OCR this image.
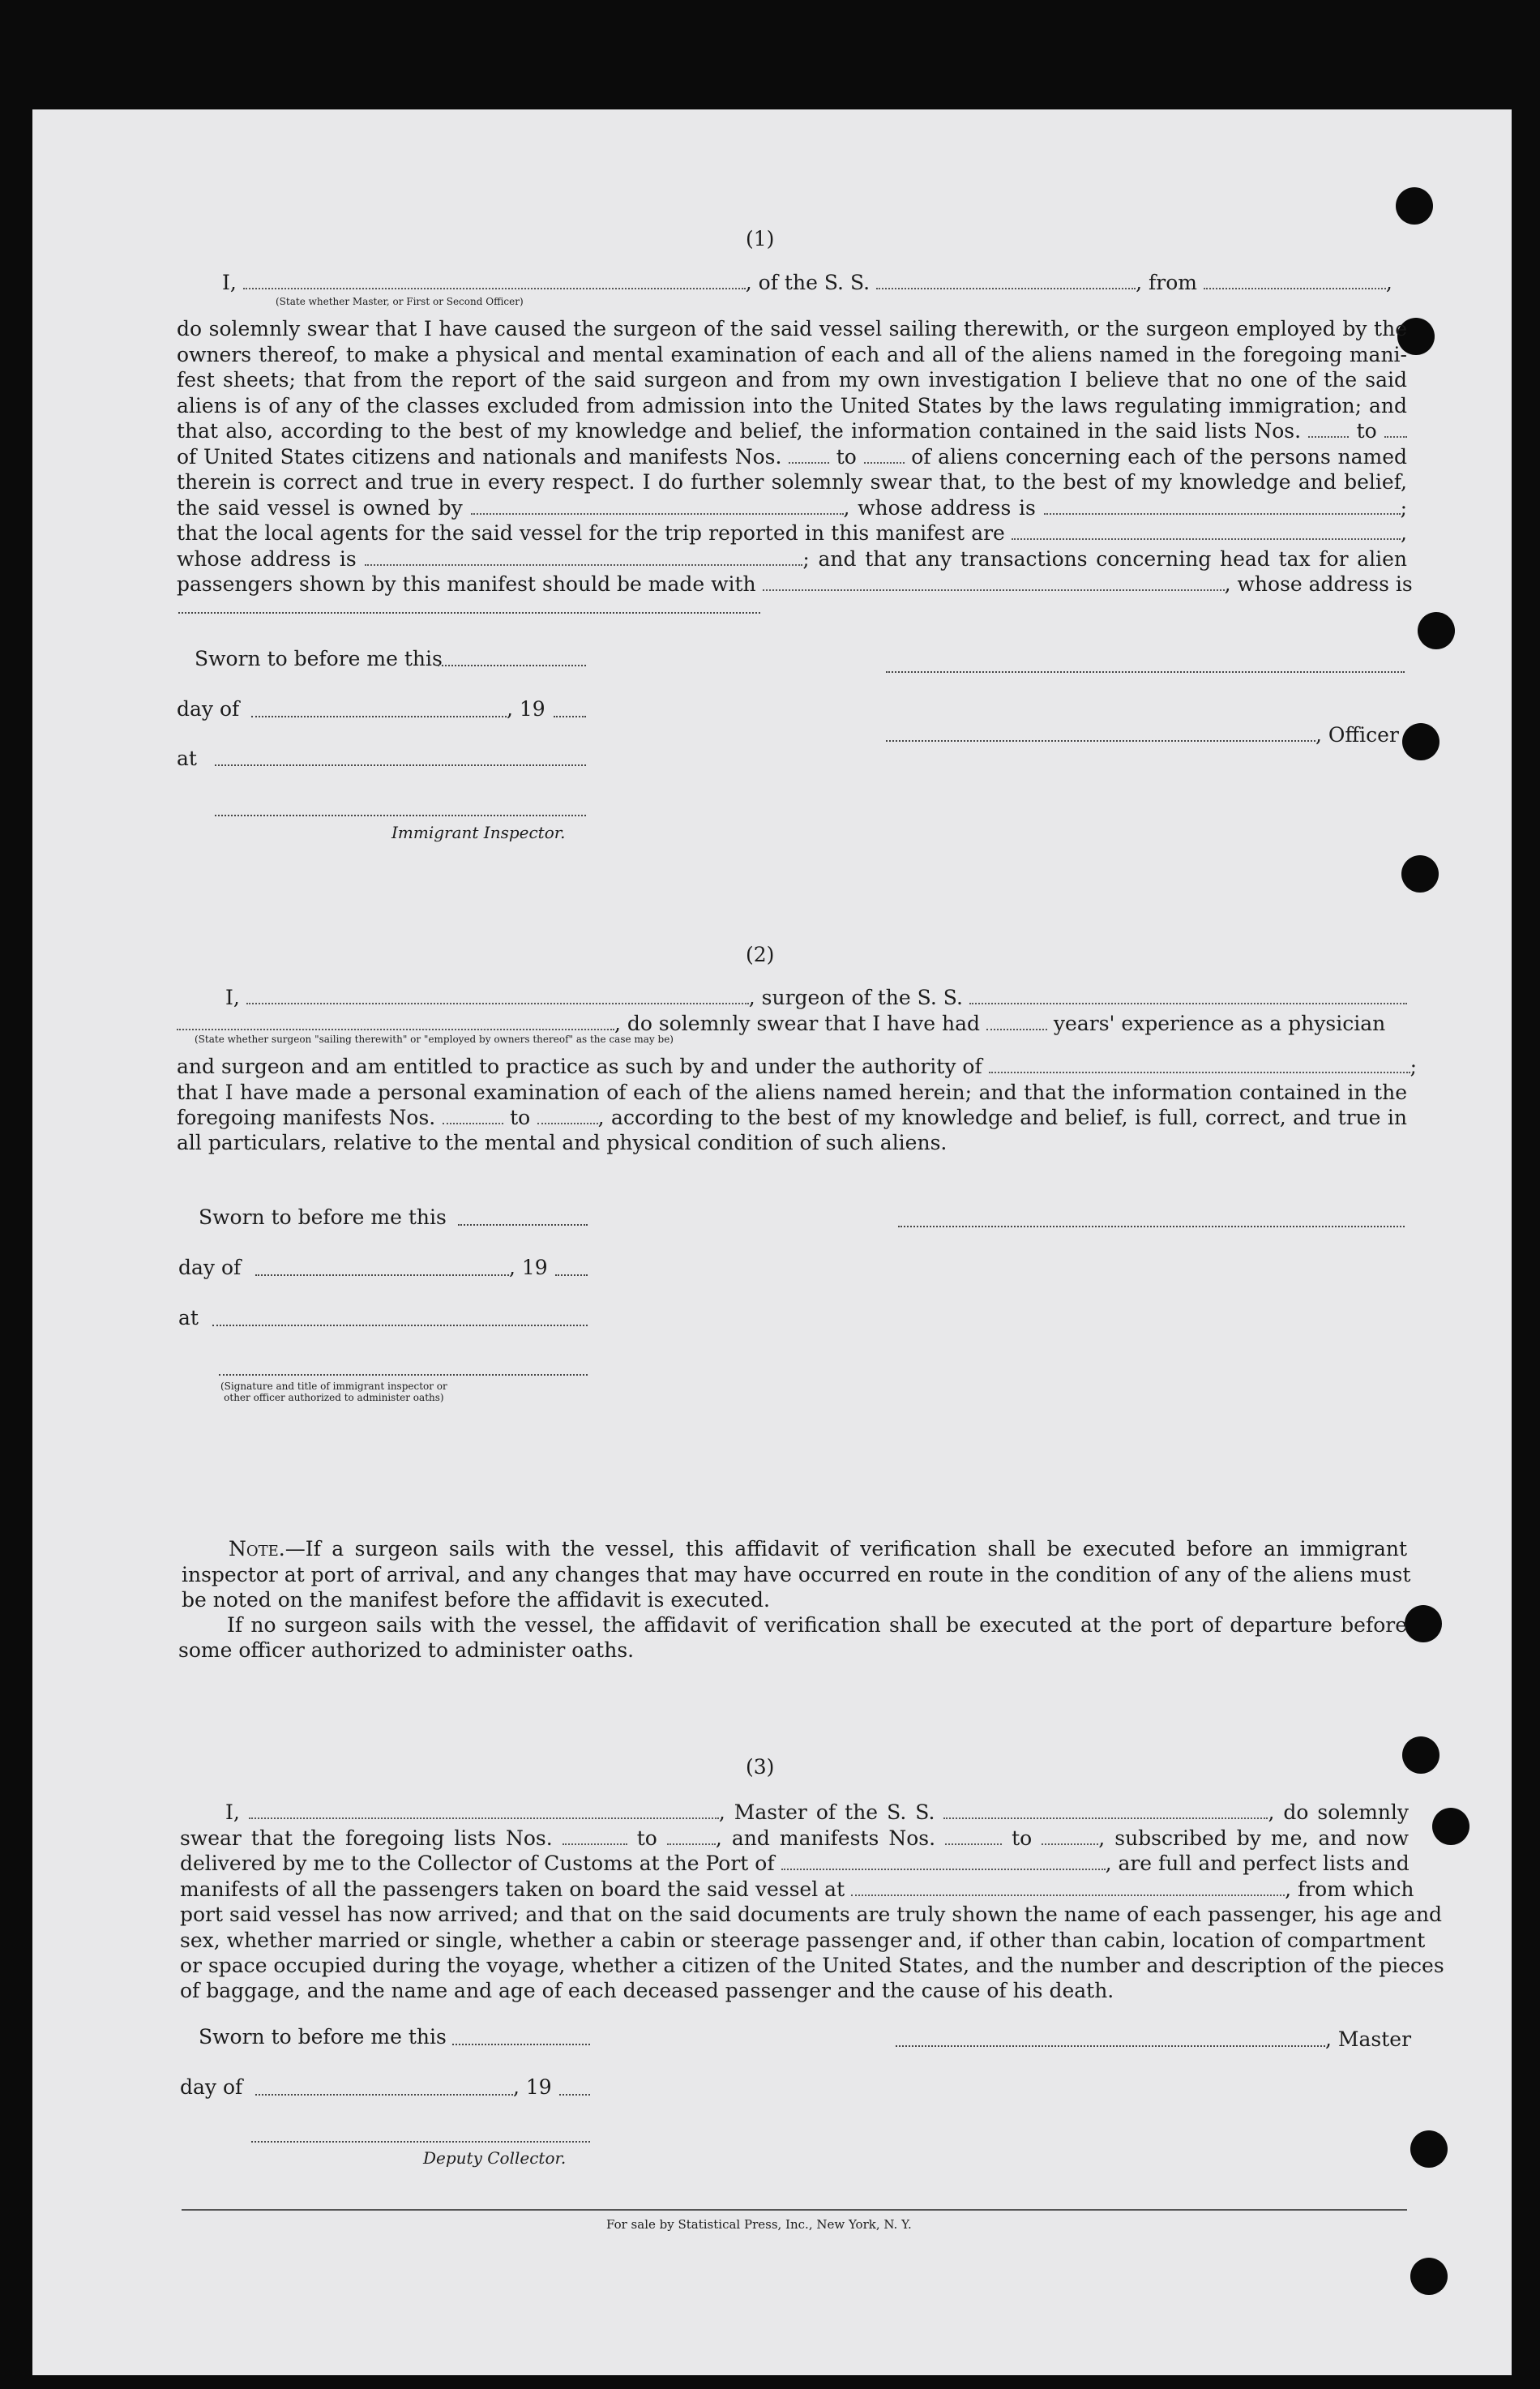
(1)
I,	, of the S. S.	, from	,
(State whether Master, or First or Second Officer)
do solemnly swear that I have caused the surgeon of the said vessel sailing therewith, or the surgeon employed by the
owners thereof, to make a physical and mental examination of each and all of the aliens named in the foregoing mani-
fest sheets; that from the report of the said surgeon and from my own investigation I believe that no one of the said
aliens is of any of the classes excluded from admission into the United States by the laws regulating immigration; and
that also, according to the best of my knowledge and belief, the information contained in the said lists Nos.	to
of United States citizens and nationals and manifests Nos.	to	of aliens concerning each of the persons named
therein is correct and true in every respect. I do further solemnly swear that, to the best of my knowledge and belief,
the said vessel is owned by	, whose address is	;
that the local agents for the said vessel for the trip reported in this manifest are	,
whose address is	; and that any transactions concerning head tax for alien
passengers shown by this manifest should be made with	, whose address is
Sworn to before me this
day of	, 19
at
Immigrant Inspector.
, Officer
(2)
I,	, surgeon of the S. S.
, do solemnly swear that I have had	years' experience as a physician
(State whether surgeon "sailing therewith" or "employed by owners thereof" as the case may be)
and surgeon and am entitled to practice as such by and under the authority of	;
that I have made a personal examination of each of the aliens named herein; and that the information contained in the
foregoing manifests Nos.	to	, according to the best of my knowledge and belief, is full, correct, and true in
all particulars, relative to the mental and physical condition of such aliens.
Sworn to before me this
day of	, 19
at
(Signature and title of immigrant inspector or
other officer authorized to administer oaths)
Note.—If a surgeon sails with the vessel, this affidavit of verification shall be executed before an immigrant
inspector at port of arrival, and any changes that may have occurred en route in the condition of any of the aliens must
be noted on the manifest before the affidavit is executed.
If no surgeon sails with the vessel, the affidavit of verification shall be executed at the port of departure before
some officer authorized to administer oaths.
(3)
I,	, Master of the S. S.	, do solemnly
swear that the foregoing lists Nos.	to	, and manifests Nos.	to	, subscribed by me, and now
delivered by me to the Collector of Customs at the Port of	, are full and perfect lists and
manifests of all the passengers taken on board the said vessel at	, from which
port said vessel has now arrived; and that on the said documents are truly shown the name of each passenger, his age and
sex, whether married or single, whether a cabin or steerage passenger and, if other than cabin, location of compartment
or space occupied during the voyage, whether a citizen of the United States, and the number and description of the pieces
of baggage, and the name and age of each deceased passenger and the cause of his death.
Sworn to before me this
day of	, 19
Deputy Collector.
, Master
For sale by Statistical Press, Inc., New York, N. Y.
